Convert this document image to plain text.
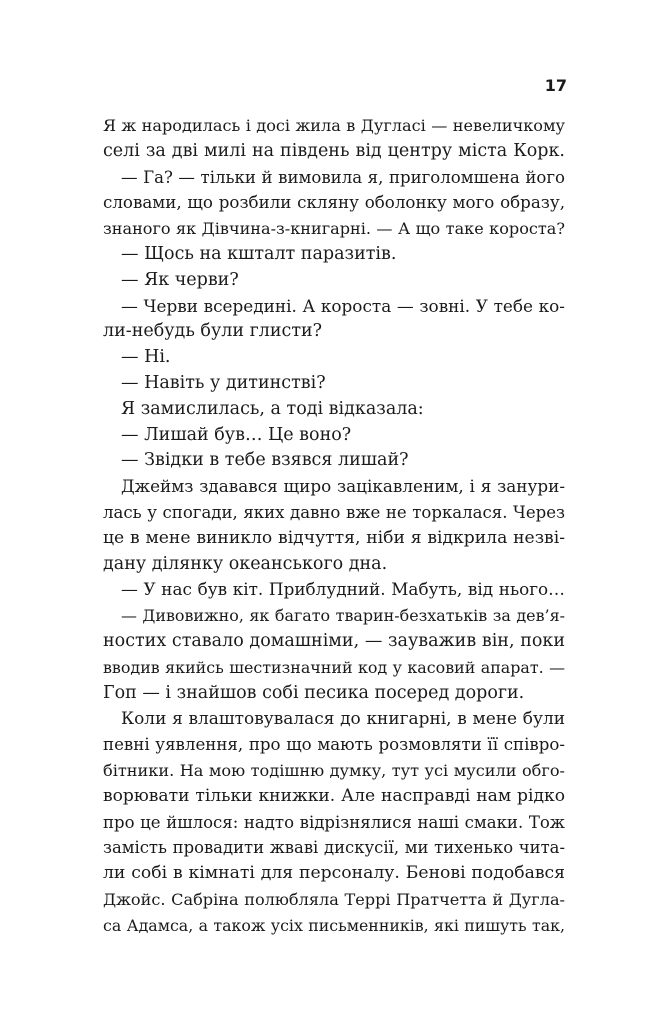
17
Я ж народилась і досі жила в Дугласі — невеличкому
селі за дві милі на південь від центру міста Корк.
— Га? — тільки й вимовила я, приголомшена його
словами, що розбили скляну оболонку мого образу,
знаного як Дівчина-з-книгарні. — А що таке короста?
— Щось на кшталт паразитів.
— Як черви?
— Черви всередині. А короста — зовні. У тебе ко-
ли-небудь були глисти?
— Ні.
— Навіть у дитинстві?
Я замислилась, а тоді відказала:
— Лишай був… Це воно?
— Звідки в тебе взявся лишай?
Джеймз здавався щиро зацікавленим, і я занури-
лась у спогади, яких давно вже не торкалася. Через
це в мене виникло відчуття, ніби я відкрила незві-
дану ділянку океанського дна.
— У нас був кіт. Приблудний. Мабуть, від нього…
— Дивовижно, як багато тварин-безхатьків за дев’я-
ностих ставало домашніми, — зауважив він, поки
вводив якийсь шестизначний код у касовий апарат. —
Гоп — і знайшов собі песика посеред дороги.
Коли я влаштовувалася до книгарні, в мене були
певні уявлення, про що мають розмовляти її співро-
бітники. На мою тодішню думку, тут усі мусили обго-
ворювати тільки книжки. Але насправді нам рідко
про це йшлося: надто відрізнялися наші смаки. Тож
замість провадити жваві дискусії, ми тихенько чита-
ли собі в кімнаті для персоналу. Бенові подобався
Джойс. Сабріна полюбляла Террі Пратчетта й Дугла-
са Адамса, а також усіх письменників, які пишуть так,
